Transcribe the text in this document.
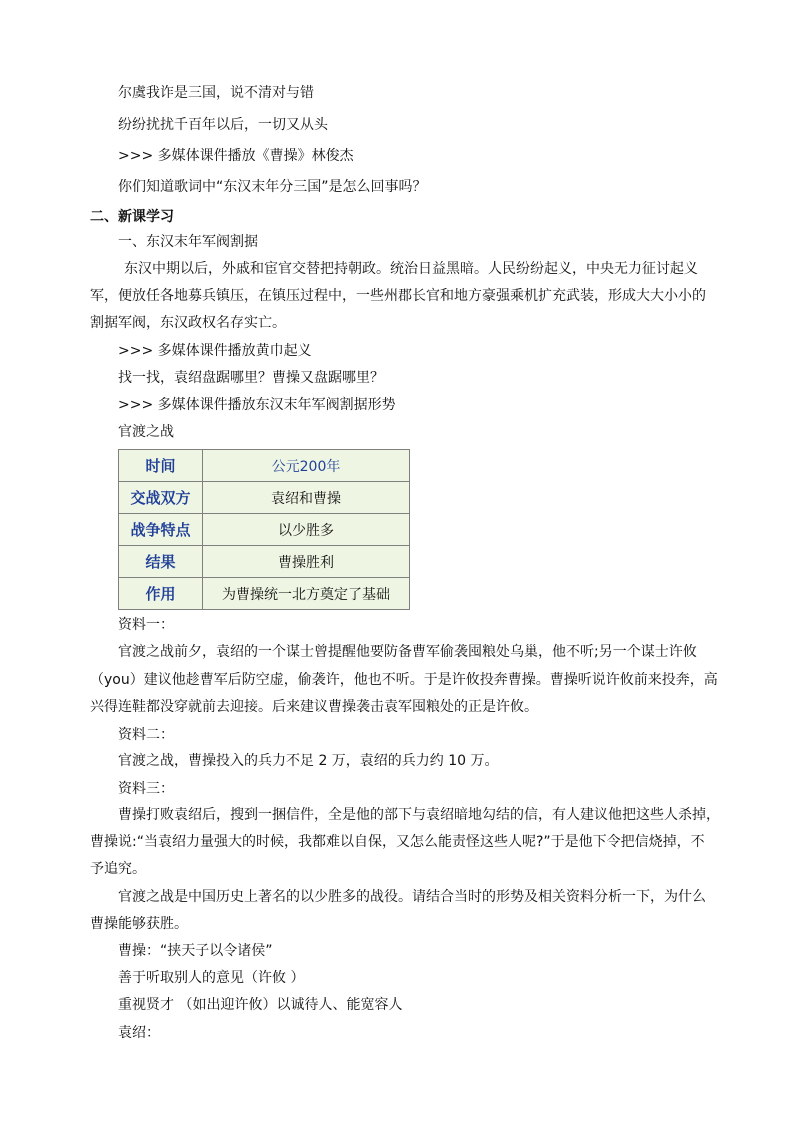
尔虞我诈是三国，说不清对与错
纷纷扰扰千百年以后，一切又从头
>>> 多媒体课件播放《曹操》林俊杰
你们知道歌词中“东汉末年分三国”是怎么回事吗？
二、新课学习
一、东汉末年军阀割据
东汉中期以后，外戚和宦官交替把持朝政。统治日益黑暗。人民纷纷起义，中央无力征讨起义
军，便放任各地募兵镇压，在镇压过程中，一些州郡长官和地方豪强乘机扩充武装，形成大大小小的
割据军阀，东汉政权名存实亡。
>>> 多媒体课件播放黄巾起义
找一找，袁绍盘踞哪里？曹操又盘踞哪里？
>>> 多媒体课件播放东汉末年军阀割据形势
官渡之战
时间	公元200年
交战双方	袁绍和曹操
战争特点	以少胜多
结果	曹操胜利
作用	为曹操统一北方奠定了基础
资料一：
官渡之战前夕，袁绍的一个谋士曾提醒他要防备曹军偷袭囤粮处乌巢，他不听;另一个谋士许攸
（you）建议他趁曹军后防空虚，偷袭许，他也不听。于是许攸投奔曹操。曹操听说许攸前来投奔，高
兴得连鞋都没穿就前去迎接。后来建议曹操袭击袁军囤粮处的正是许攸。
资料二：
官渡之战，曹操投入的兵力不足 2 万，袁绍的兵力约 10 万。
资料三：
曹操打败袁绍后，搜到一捆信件，全是他的部下与袁绍暗地勾结的信，有人建议他把这些人杀掉，
曹操说:“当袁绍力量强大的时候，我都难以自保，又怎么能责怪这些人呢?”于是他下令把信烧掉，不
予追究。
官渡之战是中国历史上著名的以少胜多的战役。请结合当时的形势及相关资料分析一下，为什么
曹操能够获胜。
曹操：“挟天子以令诸侯”
善于听取别人的意见（许攸 ）
重视贤才 （如出迎许攸）以诚待人、能宽容人
袁绍：
